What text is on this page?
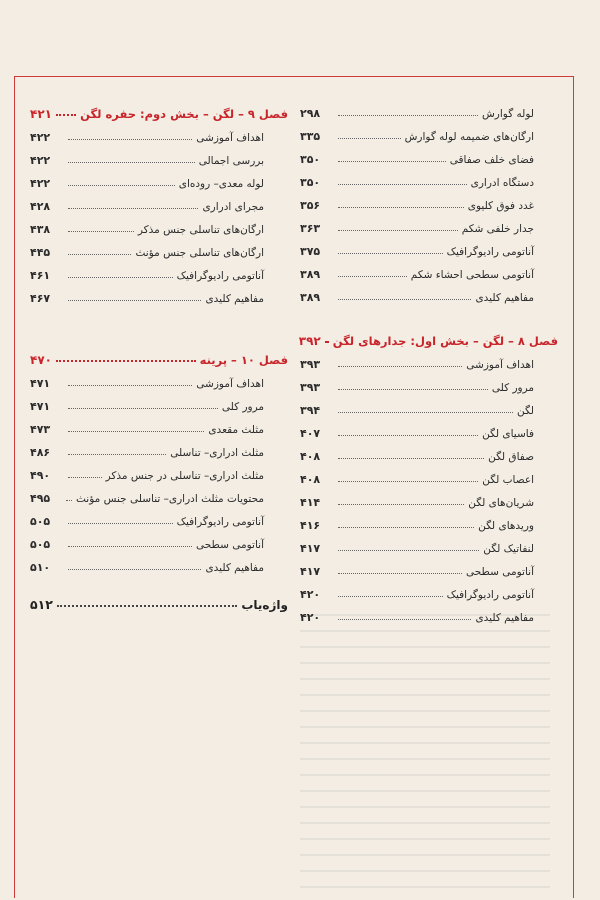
لوله گوارش
۲۹۸
ارگان‌های ضمیمه لوله گوارش
۳۳۵
فضای خلف صفاقی
۳۵۰
دستگاه ادراری
۳۵۰
غدد فوق کلیوی
۳۵۶
جدار خلفی شکم
۳۶۳
آناتومی رادیوگرافیک
۳۷۵
آناتومی سطحی احشاء شکم
۳۸۹
مفاهیم کلیدی
۳۸۹
فصل ۸ – لگن – بخش اول: جدارهای لگن
۳۹۲
اهداف آموزشی
۳۹۳
مرور کلی
۳۹۳
لگن
۳۹۴
فاسیای لگن
۴۰۷
صفاق لگن
۴۰۸
اعصاب لگن
۴۰۸
شریان‌های لگن
۴۱۴
وریدهای لگن
۴۱۶
لنفاتیک لگن
۴۱۷
آناتومی سطحی
۴۱۷
آناتومی رادیوگرافیک
۴۲۰
مفاهیم کلیدی
۴۲۰
فصل ۹ – لگن – بخش دوم: حفره لگن
۴۲۱
اهداف آموزشی
۴۲۲
بررسی اجمالی
۴۲۲
لوله معدی– روده‌ای
۴۲۲
مجرای ادراری
۴۲۸
ارگان‌های تناسلی جنس مذکر
۴۳۸
ارگان‌های تناسلی جنس مؤنث
۴۴۵
آناتومی رادیوگرافیک
۴۶۱
مفاهیم کلیدی
۴۶۷
فصل ۱۰ – پرینه
۴۷۰
اهداف آموزشی
۴۷۱
مرور کلی
۴۷۱
مثلث مقعدی
۴۷۳
مثلث ادراری– تناسلی
۴۸۶
مثلث ادراری– تناسلی در جنس مذکر
۴۹۰
محتویات مثلث ادراری– تناسلی جنس مؤنث
۴۹۵
آناتومی رادیوگرافیک
۵۰۵
آناتومی سطحی
۵۰۵
مفاهیم کلیدی
۵۱۰
واژه‌یاب
۵۱۲
